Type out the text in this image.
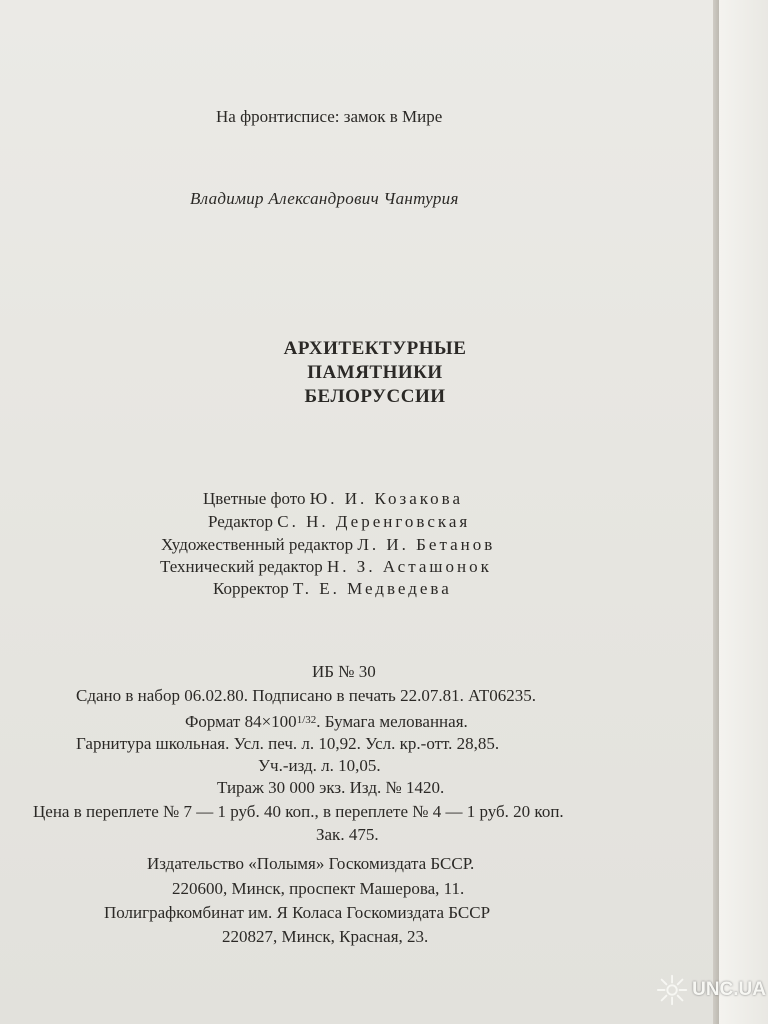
На фронтисписе: замок в Мире
Владимир Александрович Чантурия
АРХИТЕКТУРНЫЕ
ПАМЯТНИКИ
БЕЛОРУССИИ
Цветные фото Ю. И. Козакова
Редактор С. Н. Деренговская
Художественный редактор Л. И. Бетанов
Технический редактор Н. З. Асташонок
Корректор Т. Е. Медведева
ИБ № 30
Сдано в набор 06.02.80. Подписано в печать 22.07.81. АТ06235.
Формат $84\times 100^{1/32}$. Бумага мелованная.
Гарнитура школьная. Усл. печ. л. 10,92. Усл. кр.-отт. 28,85.
Уч.-изд. л. 10,05.
Тираж 30 000 экз. Изд. № 1420.
Цена в переплете № 7 — 1 руб. 40 коп., в переплете № 4 — 1 руб. 20 коп.
Зак. 475.
Издательство «Полымя» Госкомиздата БССР.
220600, Минск, проспект Машерова, 11.
Полиграфкомбинат им. Я Коласа Госкомиздата БССР
220827, Минск, Красная, 23.
UNC.UA
